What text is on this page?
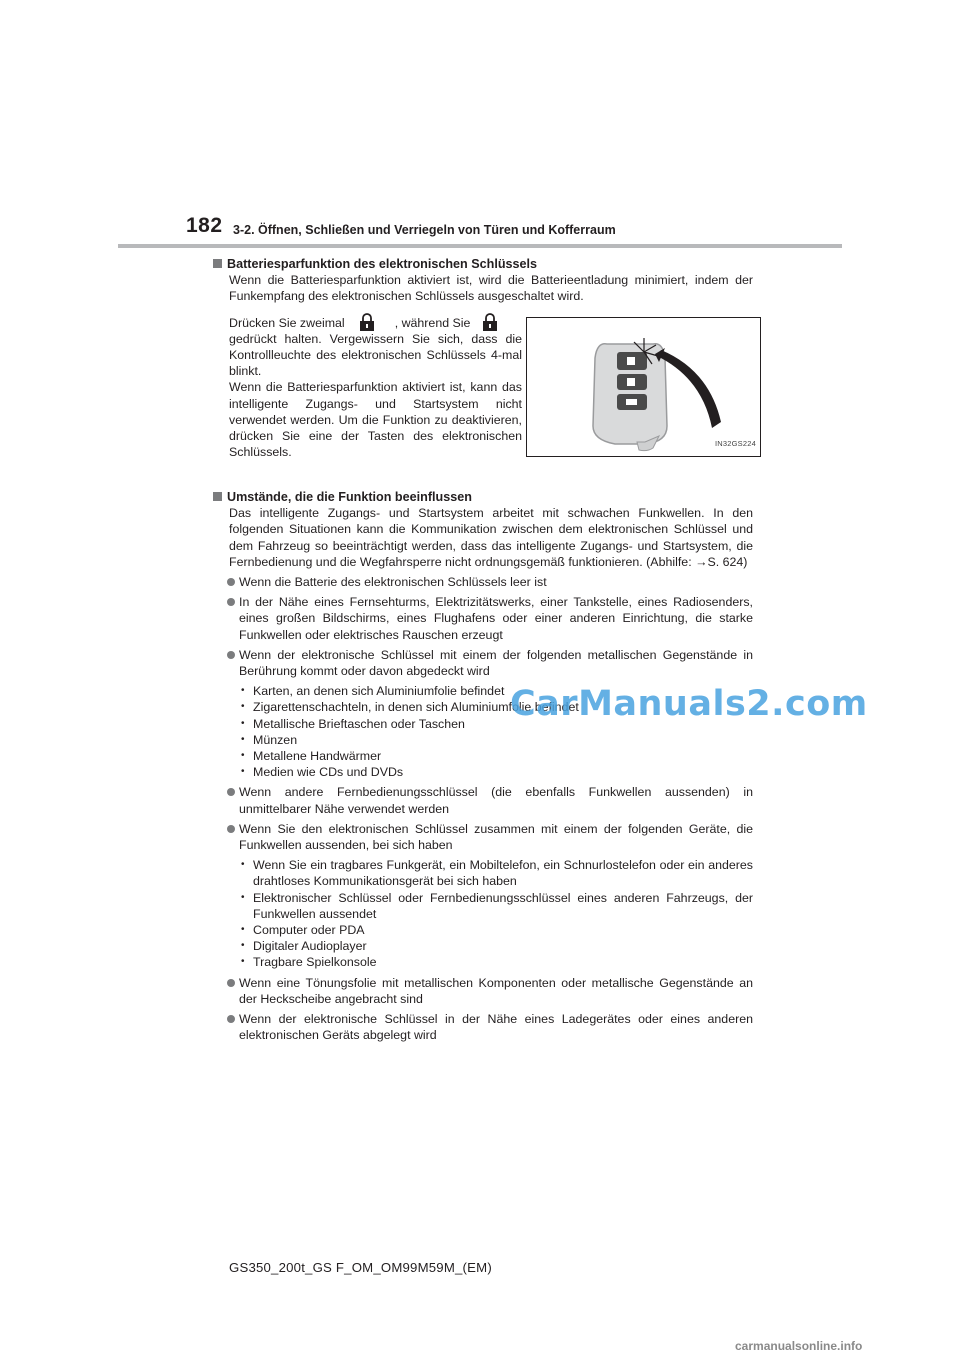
182 3-2. Öffnen, Schließen und Verriegeln von Türen und Kofferraum
Batteriesparfunktion des elektronischen Schlüssels
Wenn die Batteriesparfunktion aktiviert ist, wird die Batterieentladung minimiert, indem der Funkempfang des elektronischen Schlüssels ausgeschaltet wird.
Drücken Sie zweimal	, während Sie
gedrückt halten. Vergewissern Sie sich, dass die Kontrollleuchte des elektronischen Schlüssels 4-mal blinkt.
Wenn die Batteriesparfunktion aktiviert ist, kann das intelligente Zugangs- und Startsystem nicht verwendet werden. Um die Funktion zu deaktivieren, drücken Sie eine der Tasten des elektronischen Schlüssels.
IN32GS224
Umstände, die die Funktion beeinflussen
Das intelligente Zugangs- und Startsystem arbeitet mit schwachen Funkwellen. In den folgenden Situationen kann die Kommunikation zwischen dem elektronischen Schlüssel und dem Fahrzeug so beeinträchtigt werden, dass das intelligente Zugangs- und Startsystem, die Fernbedienung und die Wegfahrsperre nicht ordnungsgemäß funktionieren. (Abhilfe: →S. 624)
Wenn die Batterie des elektronischen Schlüssels leer ist
In der Nähe eines Fernsehturms, Elektrizitätswerks, einer Tankstelle, eines Radiosenders, eines großen Bildschirms, eines Flughafens oder einer anderen Einrichtung, die starke Funkwellen oder elektrisches Rauschen erzeugt
Wenn der elektronische Schlüssel mit einem der folgenden metallischen Gegenstände in Berührung kommt oder davon abgedeckt wird
• Karten, an denen sich Aluminiumfolie befindet
• Zigarettenschachteln, in denen sich Aluminiumfolie befindet
• Metallische Brieftaschen oder Taschen
• Münzen
• Metallene Handwärmer
• Medien wie CDs und DVDs
Wenn andere Fernbedienungsschlüssel (die ebenfalls Funkwellen aussenden) in unmittelbarer Nähe verwendet werden
Wenn Sie den elektronischen Schlüssel zusammen mit einem der folgenden Geräte, die Funkwellen aussenden, bei sich haben
• Wenn Sie ein tragbares Funkgerät, ein Mobiltelefon, ein Schnurlostelefon oder ein anderes drahtloses Kommunikationsgerät bei sich haben
• Elektronischer Schlüssel oder Fernbedienungsschlüssel eines anderen Fahrzeugs, der Funkwellen aussendet
• Computer oder PDA
• Digitaler Audioplayer
• Tragbare Spielkonsole
Wenn eine Tönungsfolie mit metallischen Komponenten oder metallische Gegenstände an der Heckscheibe angebracht sind
Wenn der elektronische Schlüssel in der Nähe eines Ladegerätes oder eines anderen elektronischen Geräts abgelegt wird
CarManuals2.com
GS350_200t_GS F_OM_OM99M59M_(EM)
carmanualsonline.info
